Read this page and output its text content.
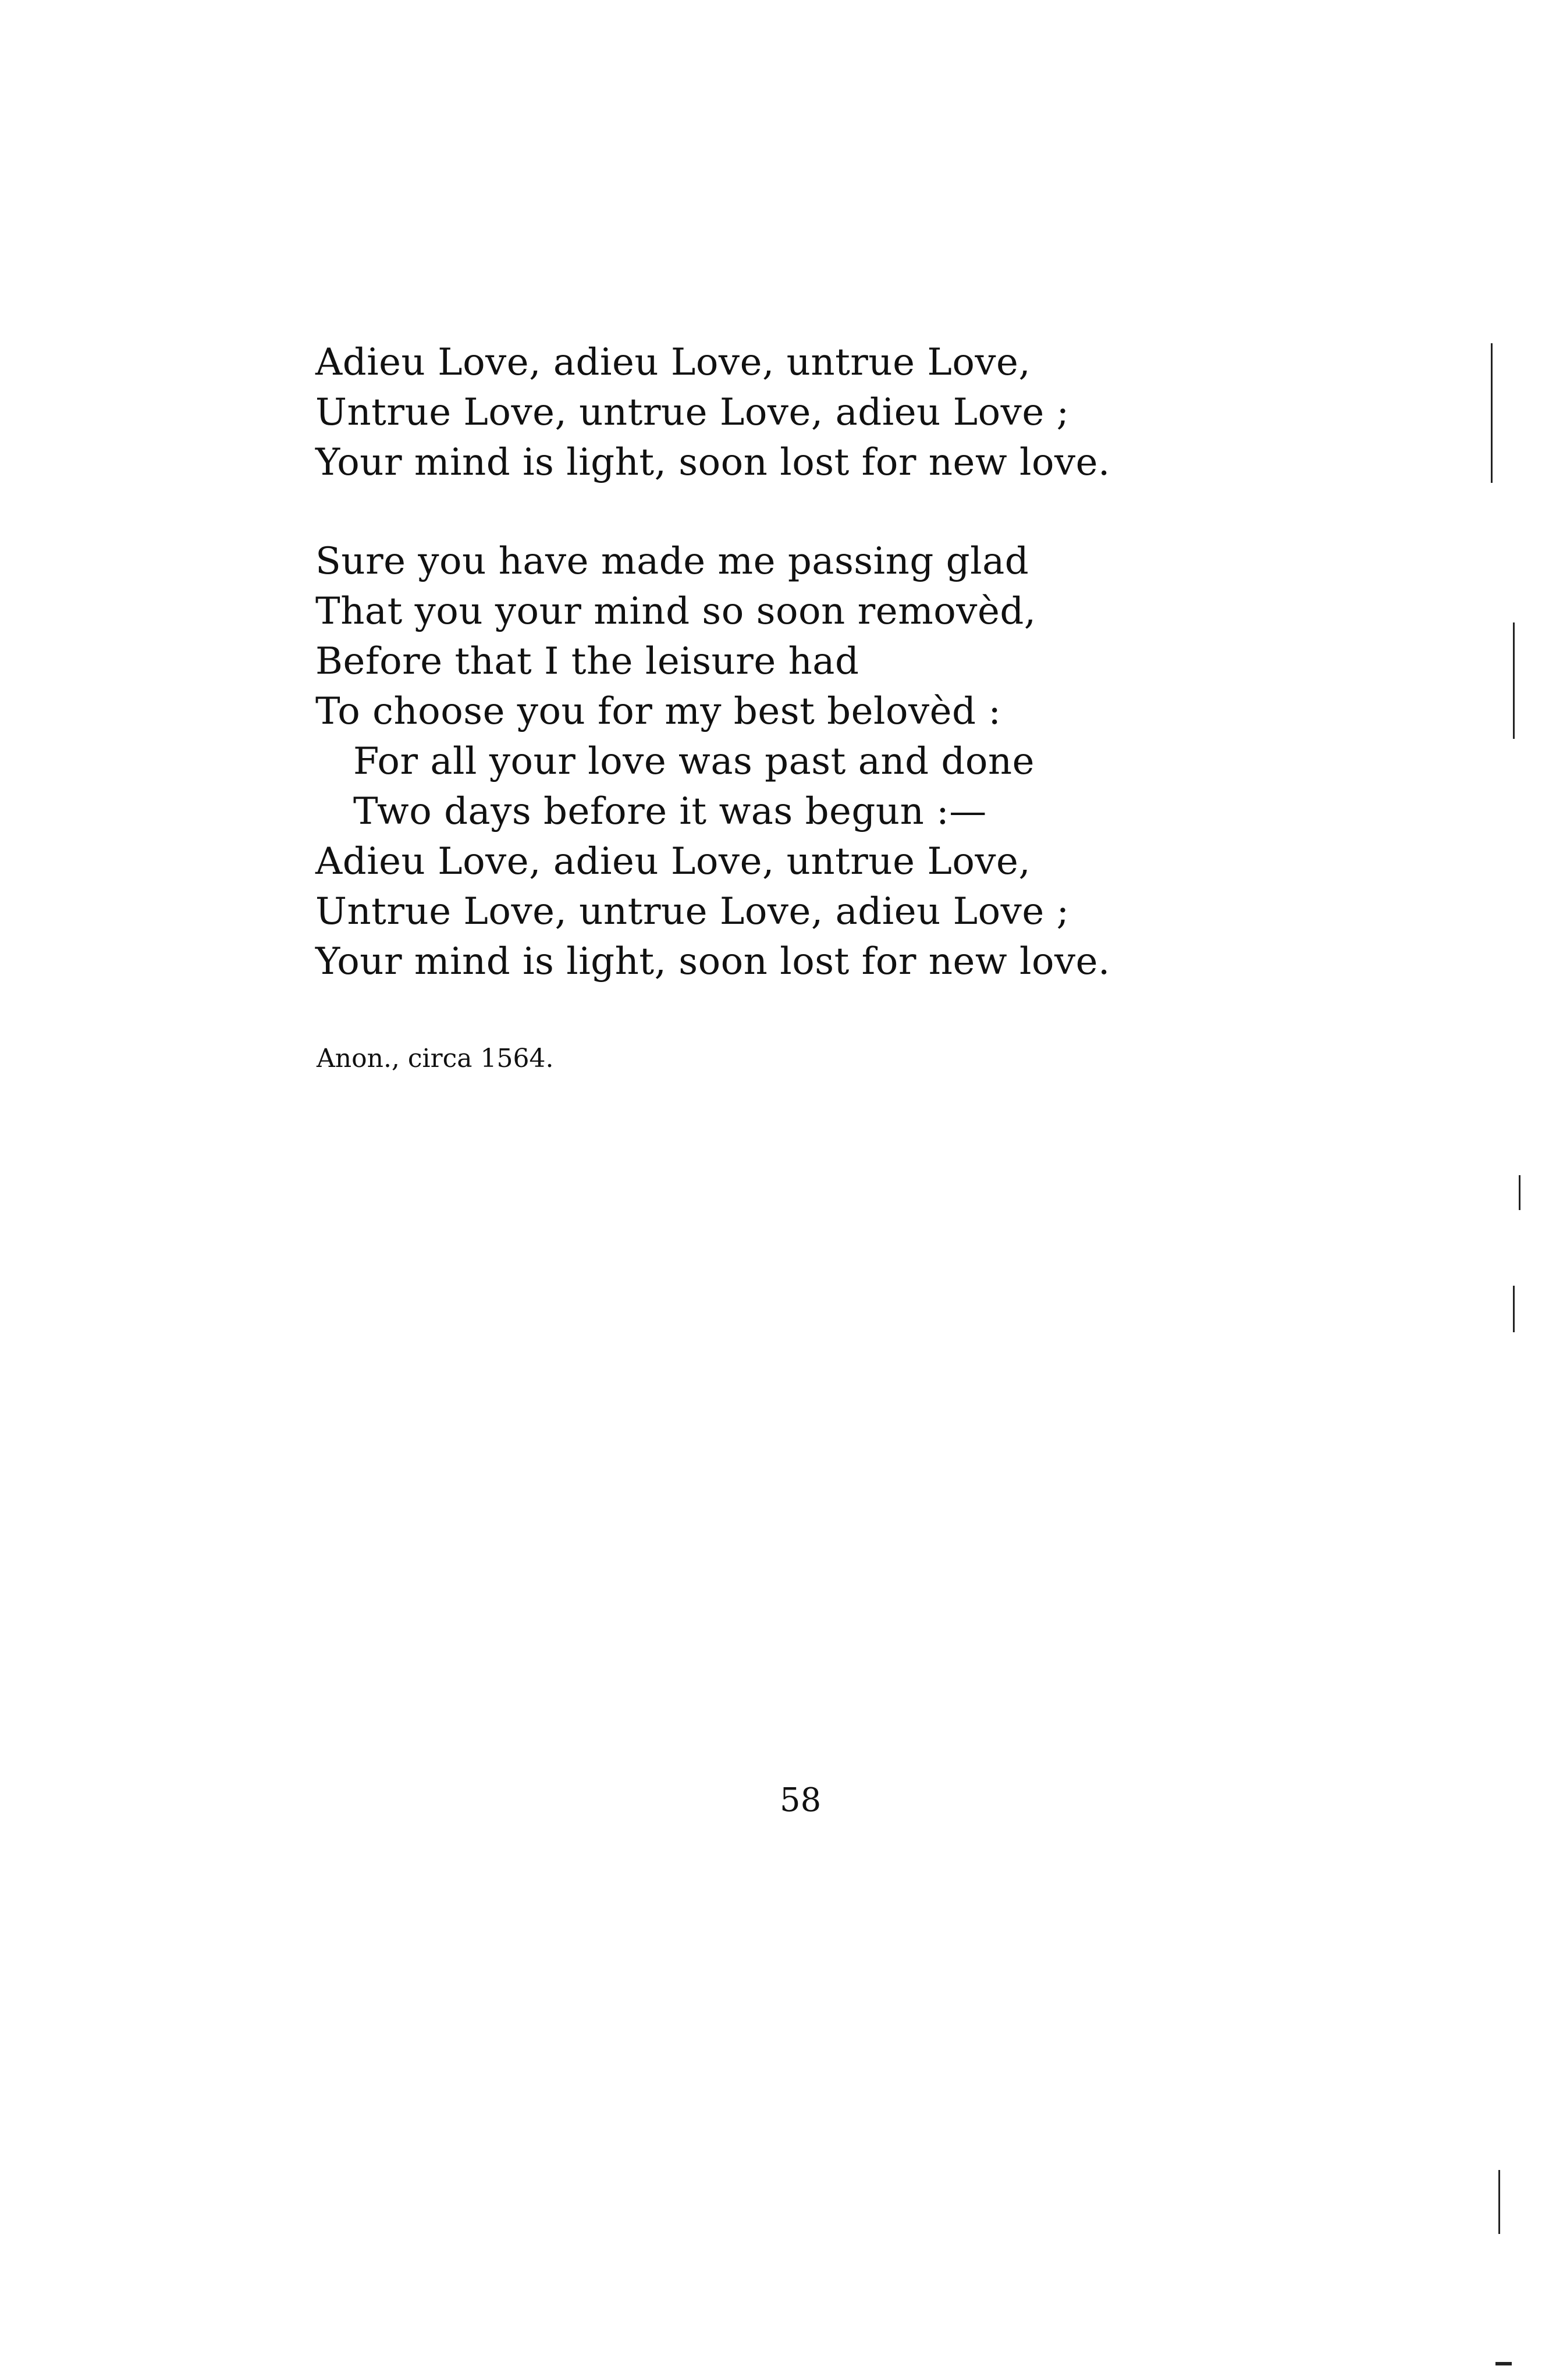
Adieu Love, adieu Love, untrue Love,
Untrue Love, untrue Love, adieu Love ;
Your mind is light, soon lost for new love.
Sure you have made me passing glad
That you your mind so soon removèd,
Before that I the leisure had
To choose you for my best belovèd :
For all your love was past and done
Two days before it was begun :—
Adieu Love, adieu Love, untrue Love,
Untrue Love, untrue Love, adieu Love ;
Your mind is light, soon lost for new love.
Anon., circa 1564.
58
